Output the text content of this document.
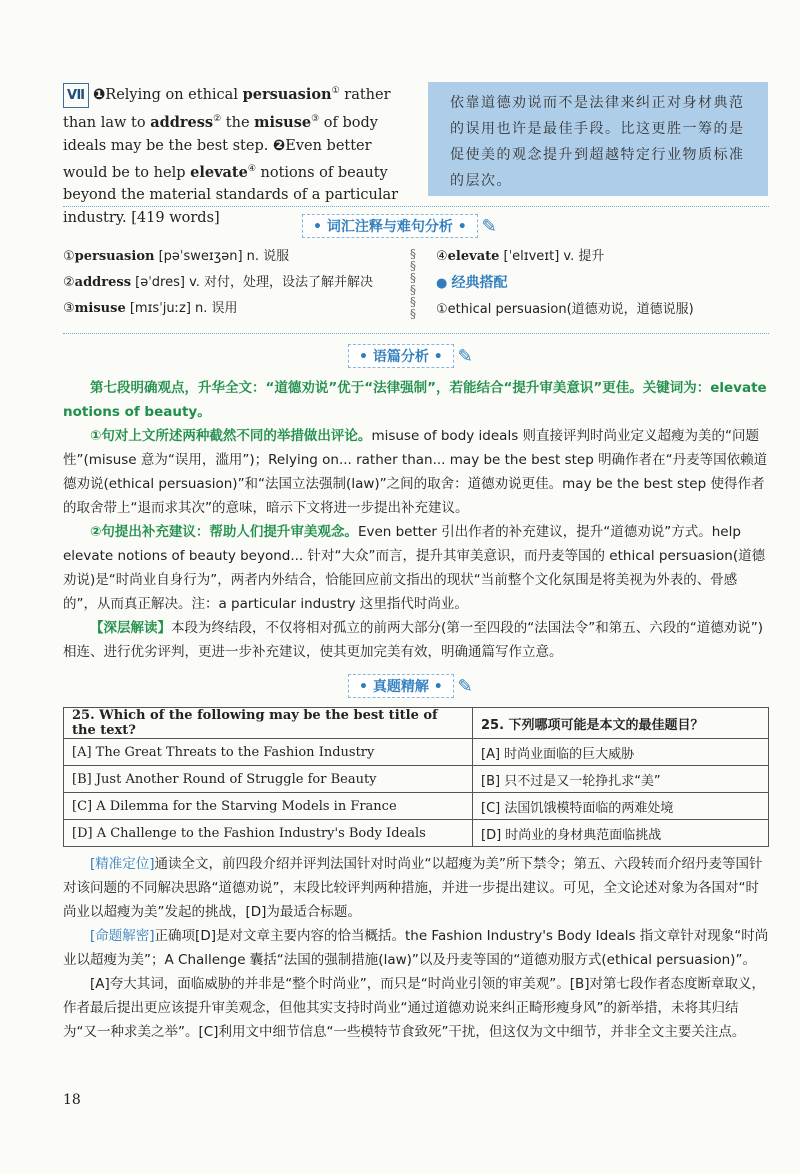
Ⅶ ❶Relying on ethical persuasion① rather than law to address② the misuse③ of body ideals may be the best step. ❷Even better would be to help elevate④ notions of beauty beyond the material standards of a particular industry. [419 words]
依靠道德劝说而不是法律来纠正对身材典范的误用也许是最佳手段。比这更胜一筹的是促使美的观念提升到超越特定行业物质标准的层次。
• 词汇注释与难句分析 • ✎
①persuasion [pəˈsweɪʒən] n. 说服
②address [əˈdres] v. 对付，处理，设法了解并解决
③misuse [mɪsˈjuːz] n. 误用
§
§
§
§
§
§
④elevate [ˈelɪveɪt] v. 提升
● 经典搭配
①ethical persuasion(道德劝说，道德说服)
• 语篇分析 • ✎
第七段明确观点，升华全文：“道德劝说”优于“法律强制”，若能结合“提升审美意识”更佳。关键词为：elevate notions of beauty。
①句对上文所述两种截然不同的举措做出评论。misuse of body ideals 则直接评判时尚业定义超瘦为美的“问题性”(misuse 意为“误用，滥用”)；Relying on... rather than... may be the best step 明确作者在“丹麦等国依赖道德劝说(ethical persuasion)”和“法国立法强制(law)”之间的取舍：道德劝说更佳。may be the best step 使得作者的取舍带上“退而求其次”的意味，暗示下文将进一步提出补充建议。
②句提出补充建议：帮助人们提升审美观念。Even better 引出作者的补充建议，提升“道德劝说”方式。help elevate notions of beauty beyond... 针对“大众”而言，提升其审美意识，而丹麦等国的 ethical persuasion(道德劝说)是“时尚业自身行为”，两者内外结合，恰能回应前文指出的现状“当前整个文化氛围是将美视为外表的、骨感的”，从而真正解决。注：a particular industry 这里指代时尚业。
【深层解读】本段为终结段，不仅将相对孤立的前两大部分(第一至四段的“法国法令”和第五、六段的“道德劝说”)相连、进行优劣评判，更进一步补充建议，使其更加完美有效，明确通篇写作立意。
• 真题精解 • ✎
25. Which of the following may be the best title of the text?	25. 下列哪项可能是本文的最佳题目？
[A] The Great Threats to the Fashion Industry	[A] 时尚业面临的巨大威胁
[B] Just Another Round of Struggle for Beauty	[B] 只不过是又一轮挣扎求“美”
[C] A Dilemma for the Starving Models in France	[C] 法国饥饿模特面临的两难处境
[D] A Challenge to the Fashion Industry's Body Ideals	[D] 时尚业的身材典范面临挑战
[精准定位]通读全文，前四段介绍并评判法国针对时尚业“以超瘦为美”所下禁令；第五、六段转而介绍丹麦等国针对该问题的不同解决思路“道德劝说”，末段比较评判两种措施，并进一步提出建议。可见，全文论述对象为各国对“时尚业以超瘦为美”发起的挑战，[D]为最适合标题。
[命题解密]正确项[D]是对文章主要内容的恰当概括。the Fashion Industry's Body Ideals 指文章针对现象“时尚业以超瘦为美”；A Challenge 囊括“法国的强制措施(law)”以及丹麦等国的“道德劝服方式(ethical persuasion)”。
[A]夸大其词，面临威胁的并非是“整个时尚业”，而只是“时尚业引领的审美观”。[B]对第七段作者态度断章取义，作者最后提出更应该提升审美观念，但他其实支持时尚业“通过道德劝说来纠正畸形瘦身风”的新举措，未将其归结为“又一种求美之举”。[C]利用文中细节信息“一些模特节食致死”干扰，但这仅为文中细节，并非全文主要关注点。
18
